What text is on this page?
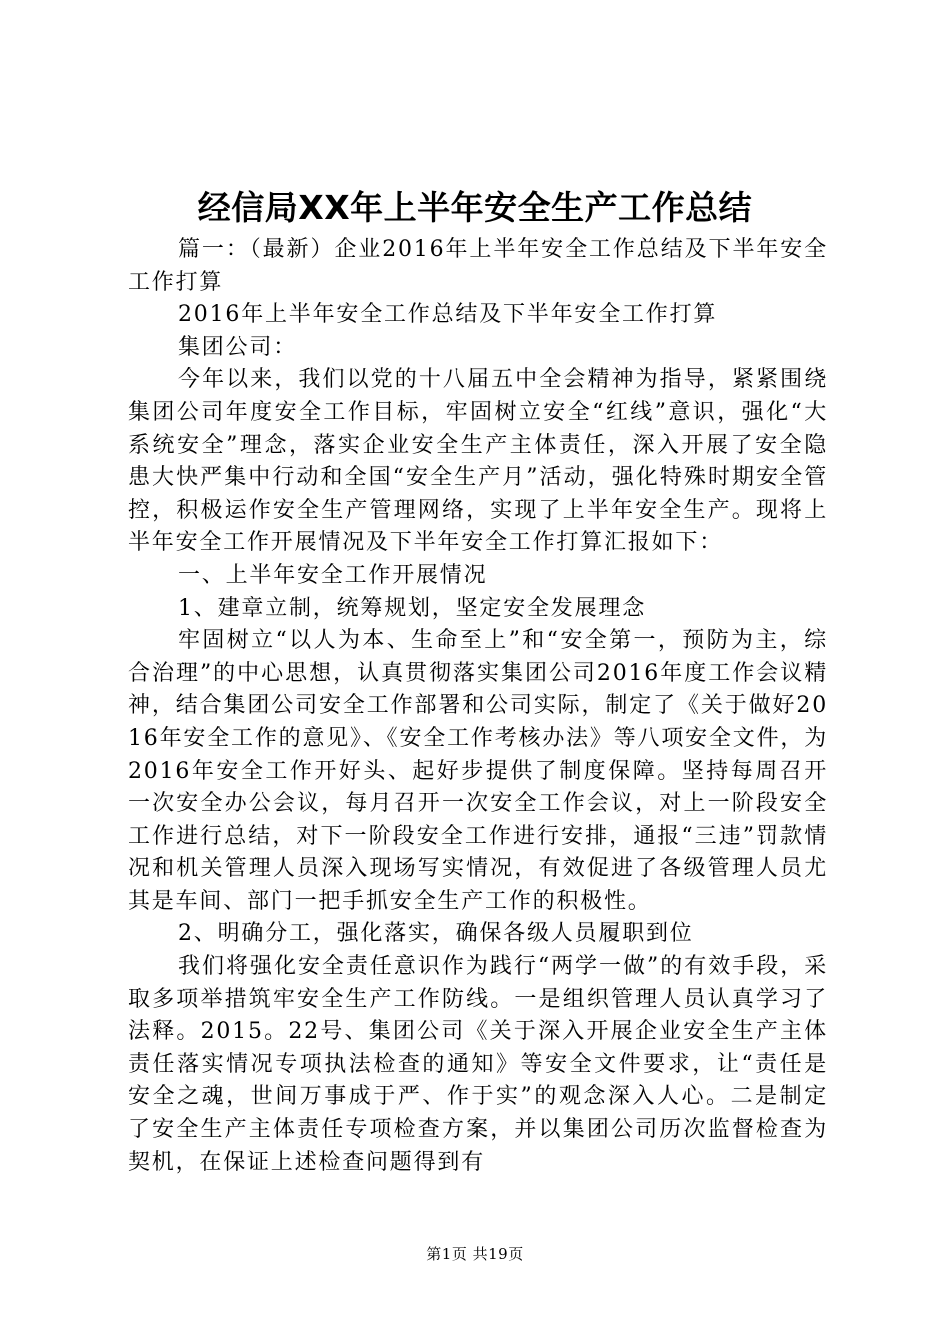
经信局XX年上半年安全生产工作总结

篇一：（最新）企业2016年上半年安全工作总结及下半年安全工作打算

2016年上半年安全工作总结及下半年安全工作打算

集团公司：

今年以来，我们以党的十八届五中全会精神为指导，紧紧围绕集团公司年度安全工作目标，牢固树立安全“红线”意识，强化“大系统安全”理念，落实企业安全生产主体责任，深入开展了安全隐患大快严集中行动和全国“安全生产月”活动，强化特殊时期安全管控，积极运作安全生产管理网络，实现了上半年安全生产。现将上半年安全工作开展情况及下半年安全工作打算汇报如下：

一、上半年安全工作开展情况

1、建章立制，统筹规划，坚定安全发展理念

牢固树立“以人为本、生命至上”和“安全第一，预防为主，综合治理”的中心思想，认真贯彻落实集团公司2016年度工作会议精神，结合集团公司安全工作部署和公司实际，制定了《关于做好2016年安全工作的意见》、《安全工作考核办法》等八项安全文件，为2016年安全工作开好头、起好步提供了制度保障。坚持每周召开一次安全办公会议，每月召开一次安全工作会议，对上一阶段安全工作进行总结，对下一阶段安全工作进行安排，通报“三违”罚款情况和机关管理人员深入现场写实情况，有效促进了各级管理人员尤其是车间、部门一把手抓安全生产工作的积极性。

2、明确分工，强化落实，确保各级人员履职到位

我们将强化安全责任意识作为践行“两学一做”的有效手段，采取多项举措筑牢安全生产工作防线。一是组织管理人员认真学习了法释。2015。22号、集团公司《关于深入开展企业安全生产主体责任落实情况专项执法检查的通知》等安全文件要求，让“责任是安全之魂，世间万事成于严、作于实”的观念深入人心。二是制定了安全生产主体责任专项检查方案，并以集团公司历次监督检查为契机，在保证上述检查问题得到有

第1页 共19页
